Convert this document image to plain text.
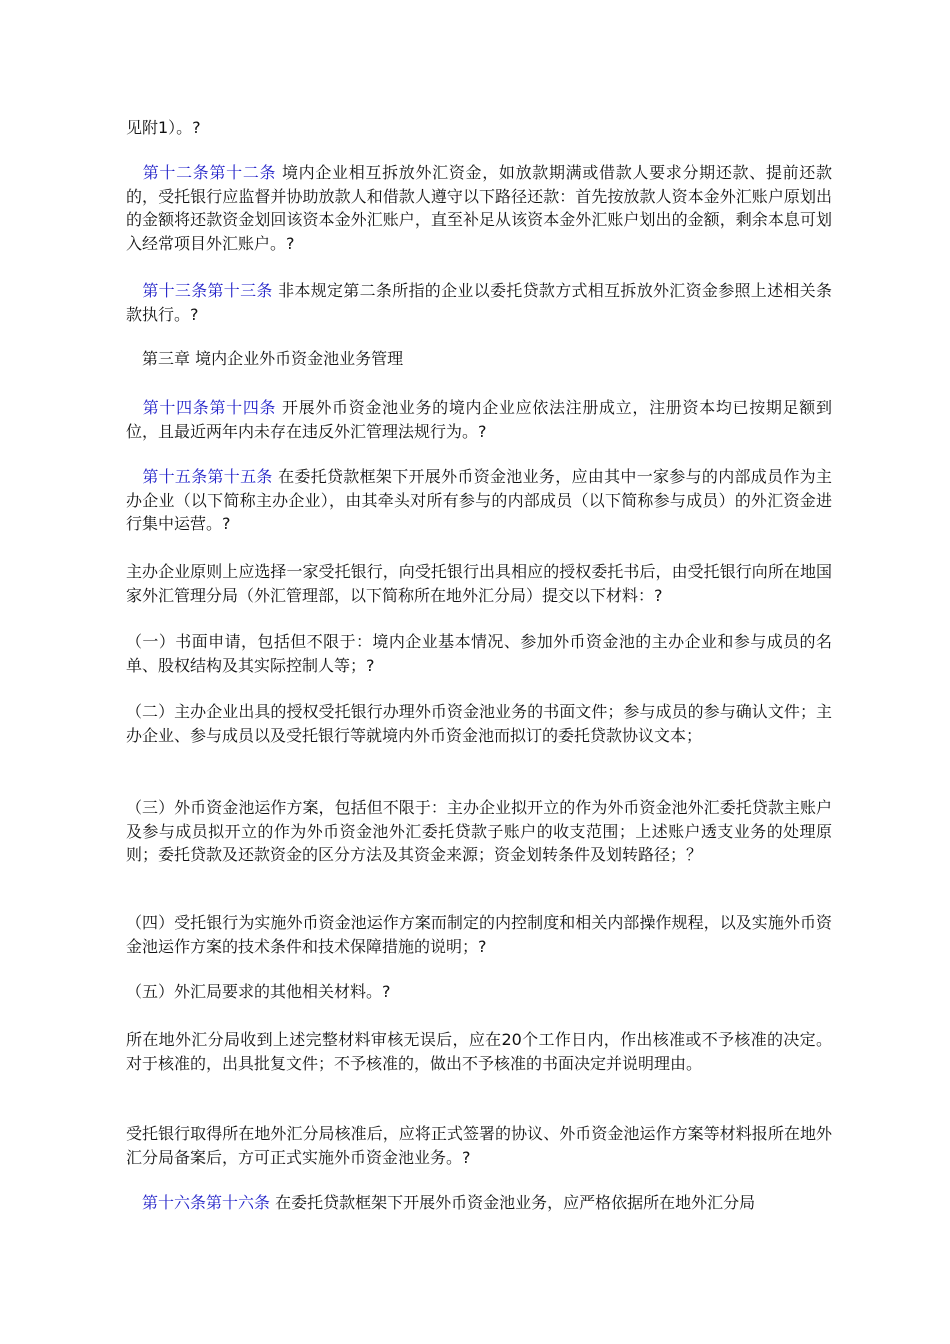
见附1）。?

　第十二条第十二条 境内企业相互拆放外汇资金，如放款期满或借款人要求分期还款、提前还款的，受托银行应监督并协助放款人和借款人遵守以下路径还款：首先按放款人资本金外汇账户原划出的金额将还款资金划回该资本金外汇账户，直至补足从该资本金外汇账户划出的金额，剩余本息可划入经常项目外汇账户。?

　第十三条第十三条 非本规定第二条所指的企业以委托贷款方式相互拆放外汇资金参照上述相关条款执行。?

　第三章 境内企业外币资金池业务管理

　第十四条第十四条 开展外币资金池业务的境内企业应依法注册成立，注册资本均已按期足额到位，且最近两年内未存在违反外汇管理法规行为。?

　第十五条第十五条 在委托贷款框架下开展外币资金池业务，应由其中一家参与的内部成员作为主办企业（以下简称主办企业），由其牵头对所有参与的内部成员（以下简称参与成员）的外汇资金进行集中运营。?

主办企业原则上应选择一家受托银行，向受托银行出具相应的授权委托书后，由受托银行向所在地国家外汇管理分局（外汇管理部，以下简称所在地外汇分局）提交以下材料：?

（一）书面申请，包括但不限于：境内企业基本情况、参加外币资金池的主办企业和参与成员的名单、股权结构及其实际控制人等；?

（二）主办企业出具的授权受托银行办理外币资金池业务的书面文件；参与成员的参与确认文件；主办企业、参与成员以及受托银行等就境内外币资金池而拟订的委托贷款协议文本；

（三）外币资金池运作方案，包括但不限于：主办企业拟开立的作为外币资金池外汇委托贷款主账户及参与成员拟开立的作为外币资金池外汇委托贷款子账户的收支范围；上述账户透支业务的处理原则；委托贷款及还款资金的区分方法及其资金来源；资金划转条件及划转路径；？

（四）受托银行为实施外币资金池运作方案而制定的内控制度和相关内部操作规程，以及实施外币资金池运作方案的技术条件和技术保障措施的说明；?

（五）外汇局要求的其他相关材料。?

所在地外汇分局收到上述完整材料审核无误后，应在20个工作日内，作出核准或不予核准的决定。对于核准的，出具批复文件；不予核准的，做出不予核准的书面决定并说明理由。

受托银行取得所在地外汇分局核准后，应将正式签署的协议、外币资金池运作方案等材料报所在地外汇分局备案后，方可正式实施外币资金池业务。?

　第十六条第十六条 在委托贷款框架下开展外币资金池业务，应严格依据所在地外汇分局
